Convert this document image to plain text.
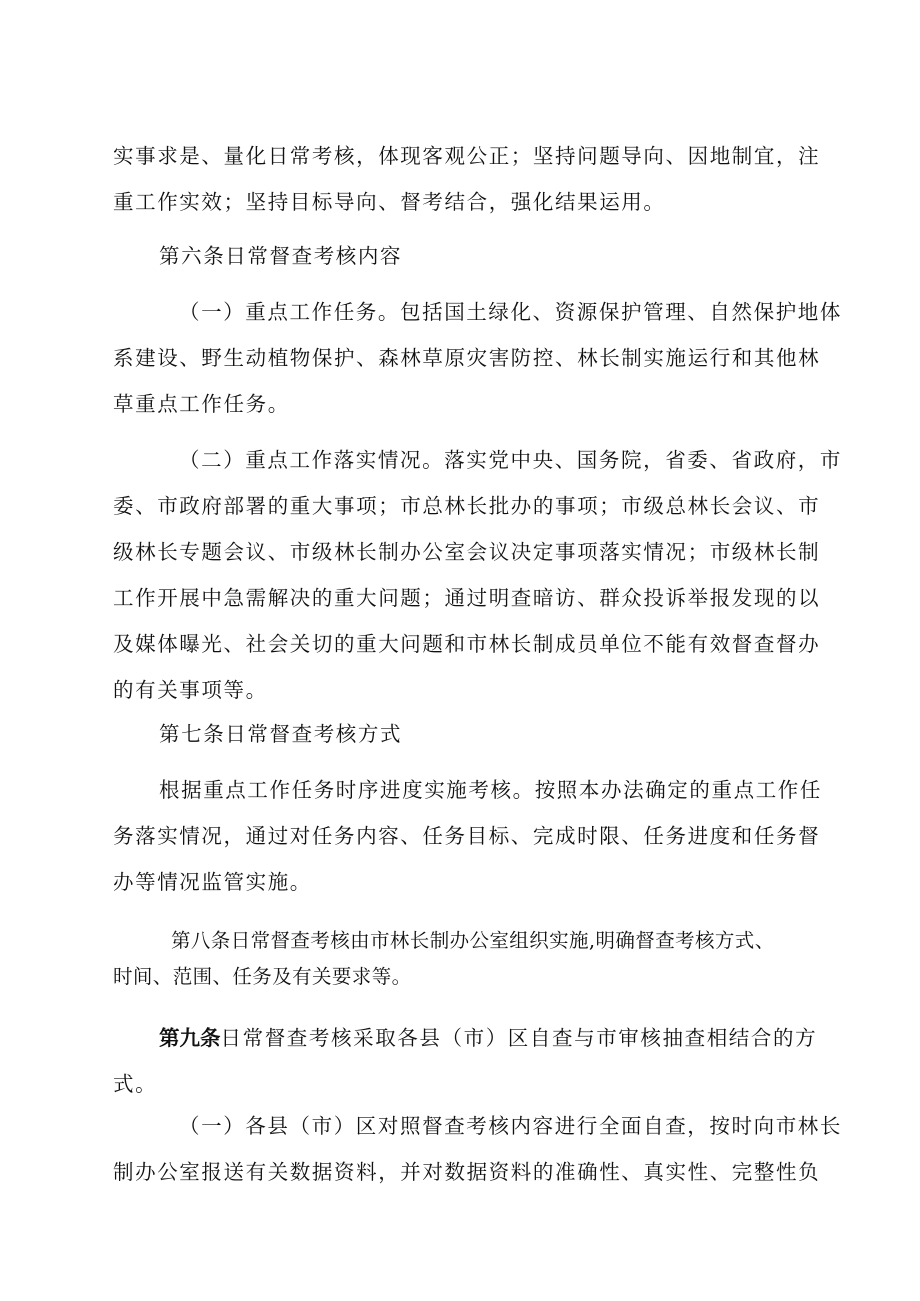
实事求是、量化日常考核，体现客观公正；坚持问题导向、因地制宜，注
重工作实效；坚持目标导向、督考结合，强化结果运用。
第六条日常督查考核内容
（一）重点工作任务。包括国土绿化、资源保护管理、自然保护地体
系建设、野生动植物保护、森林草原灾害防控、林长制实施运行和其他林
草重点工作任务。
（二）重点工作落实情况。落实党中央、国务院，省委、省政府，市
委、市政府部署的重大事项；市总林长批办的事项；市级总林长会议、市
级林长专题会议、市级林长制办公室会议决定事项落实情况；市级林长制
工作开展中急需解决的重大问题；通过明查暗访、群众投诉举报发现的以
及媒体曝光、社会关切的重大问题和市林长制成员单位不能有效督查督办
的有关事项等。
第七条日常督查考核方式
根据重点工作任务时序进度实施考核。按照本办法确定的重点工作任
务落实情况，通过对任务内容、任务目标、完成时限、任务进度和任务督
办等情况监管实施。
第八条日常督查考核由市林长制办公室组织实施,明确督查考核方式、
时间、范围、任务及有关要求等。
第九条日常督查考核采取各县（市）区自查与市审核抽查相结合的方
式。
（一）各县（市）区对照督查考核内容进行全面自查，按时向市林长
制办公室报送有关数据资料，并对数据资料的准确性、真实性、完整性负
